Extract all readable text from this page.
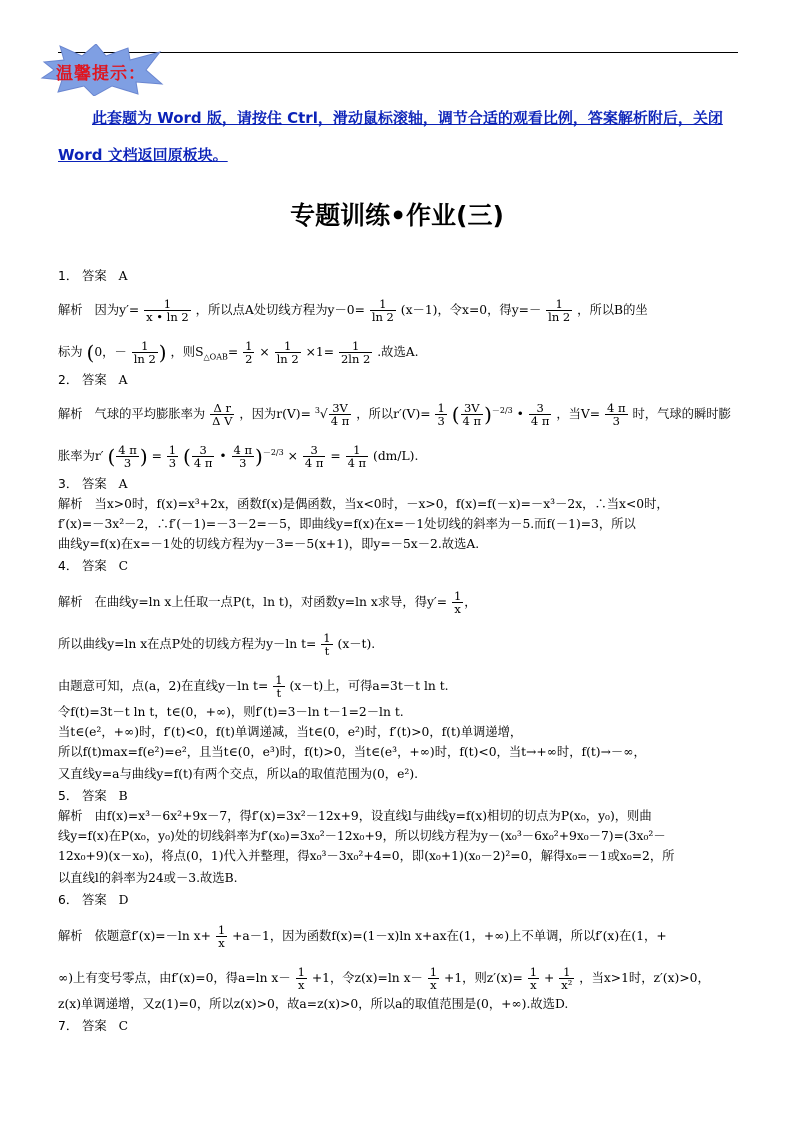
温馨提示：
此套题为 Word 版，请按住 Ctrl，滑动鼠标滚轴，调节合适的观看比例，答案解析附后，关闭 Word 文档返回原板块。
专题训练•作业(三)
1． 答案 A
解析 因为$y'= \frac{1}{x • \ln 2}$ ，所以点A处切线方程为$y-0= \frac{1}{\ln 2} (x-1)$，令x=0，得$y=- \frac{1}{\ln 2}$ ，所以B的坐
标为 (0，－ $\frac{1}{\ln 2}$ ) ，则$S_{\triangle OAB}= \frac{1}{2} \times \frac{1}{\ln 2} \times 1= \frac{1}{2\ln 2}$ .故选A.
2． 答案 A
解析 气球的平均膨胀率为 $\frac{\text{Δ r}}{\text{Δ V}}$ ，因为$r(V)= ^3√ \frac{3V}{4 \pi}$ ，所以$r'(V)= \frac{1}{3}$ ( $\frac{3V}{4 \pi} )^{-2/3}$ • $\frac{3}{4 \pi}$ ，当$V= \frac{4 \pi}{3}$ 时，气球的瞬时膨
胀率为r′ ( $\frac{4 \pi}{3}$ ) = $\frac{1}{3}$ ( $\frac{3}{4 \pi}$ • $\frac{4 \pi}{3} )^{-2/3} \times \frac{3}{4 \pi} = \frac{1}{4 \pi} (dm/L)$.
3． 答案 A
解析 当x>0时，f(x)=x³+2x，函数f(x)是偶函数，当x<0时，－x>0，f(x)=f(－x)=－x³－2x，∴当x<0时，
f′(x)=－3x²－2，∴f′(－1)=－3－2=－5，即曲线y=f(x)在x=－1处切线的斜率为－5.而f(－1)=3，所以
曲线y=f(x)在x=－1处的切线方程为y－3=－5(x+1)，即y=－5x－2.故选A.
4． 答案 C
解析 在曲线y=ln x上任取一点P(t，ln t)，对函数y=ln x求导，得$y'= \frac{1}{x}$ ，
所以曲线y=ln x在点P处的切线方程为y－ln $t= \frac{1}{t} (x-t)$.
由题意可知，点(a，2)在直线y－ln $t= \frac{1}{t} (x-t)$上，可得a=3t－t ln t.
令f(t)=3t－t ln t，t∈(0，+∞)，则f′(t)=3－ln t－1=2－ln t.
当t∈(e²，+∞)时，f′(t)<0，f(t)单调递减，当t∈(0，e²)时，f′(t)>0，f(t)单调递增，
所以f(t)max=f(e²)=e²，且当t∈(0，e³)时，f(t)>0，当t∈(e³，+∞)时，f(t)<0，当t→+∞时，f(t)→－∞，
又直线y=a与曲线y=f(t)有两个交点，所以a的取值范围为(0，e²).
5． 答案 B
解析 由f(x)=x³－6x²+9x－7，得f′(x)=3x²－12x+9，设直线l与曲线y=f(x)相切的切点为P(x₀，y₀)，则曲
线y=f(x)在P(x₀，y₀)处的切线斜率为f′(x₀)=3x₀²－12x₀+9，所以切线方程为y－(x₀³－6x₀²+9x₀－7)=(3x₀²－
12x₀+9)(x－x₀)，将点(0，1)代入并整理，得x₀³－3x₀²+4=0，即(x₀+1)(x₀－2)²=0，解得x₀=－1或x₀=2，所
以直线l的斜率为24或－3.故选B.
6． 答案 D
解析 依题意f′(x)=－ln $x+ \frac{1}{x} +a-1$，因为函数f(x)=(1－x)ln x+ax在(1，+∞)上不单调，所以f′(x)在(1，+
∞)上有变号零点，由f′(x)=0，得a=ln $x- \frac{1}{x} +1$，令z(x)=ln $x- \frac{1}{x} +1$，则$z'(x)= \frac{1}{x} + \frac{1}{\text{x²}}$ ，当x>1时，z′(x)>0，
z(x)单调递增，又z(1)=0，所以z(x)>0，故a=z(x)>0，所以a的取值范围是(0，+∞).故选D.
7． 答案 C
